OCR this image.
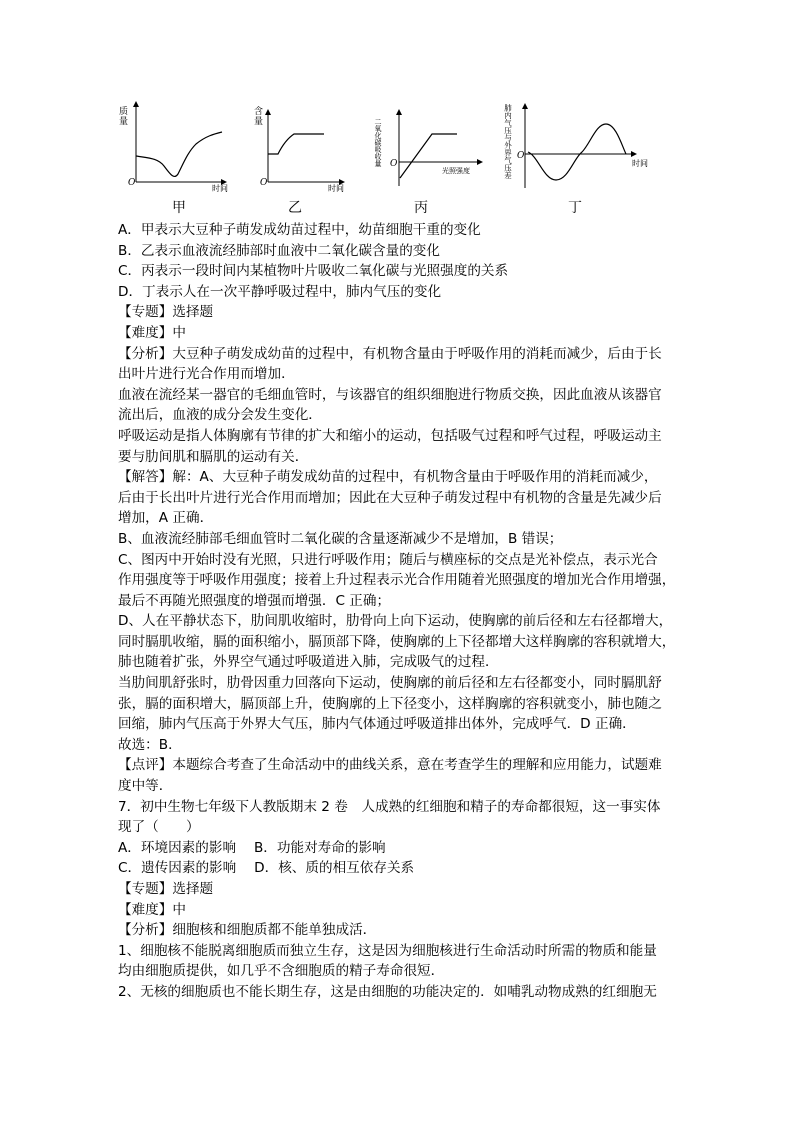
质量
O
时间
甲
含量
O
时间
乙
二氧化碳吸收量 O
光照强度
丙
肺内气压与外界气压差 O
时间
丁

A．甲表示大豆种子萌发成幼苗过程中，幼苗细胞干重的变化

B．乙表示血液流经肺部时血液中二氧化碳含量的变化

C．丙表示一段时间内某植物叶片吸收二氧化碳与光照强度的关系

D．丁表示人在一次平静呼吸过程中，肺内气压的变化

【专题】选择题

【难度】中

【分析】大豆种子萌发成幼苗的过程中，有机物含量由于呼吸作用的消耗而减少，后由于长

出叶片进行光合作用而增加．

血液在流经某一器官的毛细血管时，与该器官的组织细胞进行物质交换，因此血液从该器官

流出后，血液的成分会发生变化．

呼吸运动是指人体胸廓有节律的扩大和缩小的运动，包括吸气过程和呼气过程，呼吸运动主

要与肋间肌和膈肌的运动有关．

【解答】解：A、大豆种子萌发成幼苗的过程中，有机物含量由于呼吸作用的消耗而减少，

后由于长出叶片进行光合作用而增加；因此在大豆种子萌发过程中有机物的含量是先减少后

增加，A 正确．

B、血液流经肺部毛细血管时二氧化碳的含量逐渐减少不是增加，B 错误；

C、图丙中开始时没有光照，只进行呼吸作用；随后与横座标的交点是光补偿点，表示光合

作用强度等于呼吸作用强度；接着上升过程表示光合作用随着光照强度的增加光合作用增强，

最后不再随光照强度的增强而增强．C 正确；

D、人在平静状态下，肋间肌收缩时，肋骨向上向下运动，使胸廓的前后径和左右径都增大，

同时膈肌收缩，膈的面积缩小，膈顶部下降，使胸廓的上下径都增大这样胸廓的容积就增大，

肺也随着扩张，外界空气通过呼吸道进入肺，完成吸气的过程．

当肋间肌舒张时，肋骨因重力回落向下运动，使胸廓的前后径和左右径都变小，同时膈肌舒

张，膈的面积增大，膈顶部上升，使胸廓的上下径变小，这样胸廓的容积就变小，肺也随之

回缩，肺内气压高于外界大气压，肺内气体通过呼吸道排出体外，完成呼气．D 正确．

故选：B．

【点评】本题综合考查了生命活动中的曲线关系，意在考查学生的理解和应用能力，试题难

度中等．

7．初中生物七年级下人教版期末 2 卷　人成熟的红细胞和精子的寿命都很短，这一事实体

现了（　　）

A．环境因素的影响　 B．功能对寿命的影响

C．遗传因素的影响　 D．核、质的相互依存关系

【专题】选择题

【难度】中

【分析】细胞核和细胞质都不能单独成活．

1、细胞核不能脱离细胞质而独立生存，这是因为细胞核进行生命活动时所需的物质和能量

均由细胞质提供，如几乎不含细胞质的精子寿命很短．

2、无核的细胞质也不能长期生存，这是由细胞的功能决定的．如哺乳动物成熟的红细胞无
